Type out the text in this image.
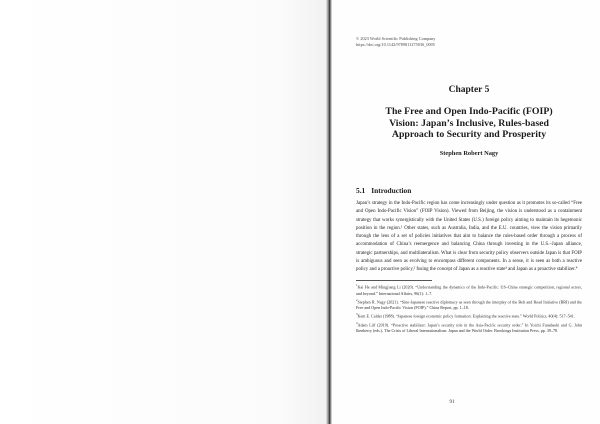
© 2023 World Scientific Publishing Company
https://doi.org/10.1142/9789811275036_0005
Chapter 5
The Free and Open Indo-Pacific (FOIP)
Vision: Japan’s Inclusive, Rules-based
Approach to Security and Prosperity
Stephen Robert Nagy
5.1 Introduction

Japan’s strategy in the Indo-Pacific region has come increasingly under question as it promotes its so-called “Free and Open Indo-Pacific Vision” (FOIP Vision). Viewed from Beijing, the vision is understood as a containment strategy that works synergistically with the United States (U.S.) foreign policy aiming to maintain its hegemonic position in the region.¹ Other states, such as Australia, India, and the E.U. countries, view the vision primarily through the lens of a set of policies initiatives that aim to balance the rules-based order through a process of accommodation of China’s reemergence and balancing China through investing in the U.S.–Japan alliance, strategic partnerships, and multilateralism. What is clear from security policy observers outside Japan is that FOIP is ambiguous and seen as evolving to encompass different components. In a sense, it is seen as both a reactive policy and a proactive policy,² fusing the concept of Japan as a reactive state³ and Japan as a proactive stabilizer.⁴

$^1$Kai He and Mingjiang Li (2020). “Understanding the dynamics of the Indo-Pacific: US–China strategic competition, regional actors, and beyond.” International Affairs, 96(1): 1–7.

$^2$Stephen R. Nagy (2021). “Sino-Japanese reactive diplomacy as seen through the interplay of the Belt and Road Initiative (BRI) and the Free and Open Indo-Pacific Vision (FOIP).” China Report, pp. 1–18.

$^3$Kent E. Calder (1988). “Japanese foreign economic policy formation: Explaining the reactive state.” World Politics, 40(4): 517–541.

$^4$Adam Liff (2019). “Proactive stabilizer: Japan’s security role in the Asia-Pacific security order.” In Yoichi Funabashi and G. John Ikenberry (eds.), The Crisis of Liberal Internationalism: Japan and the World Order. Brookings Institution Press, pp. 39–78.

91
